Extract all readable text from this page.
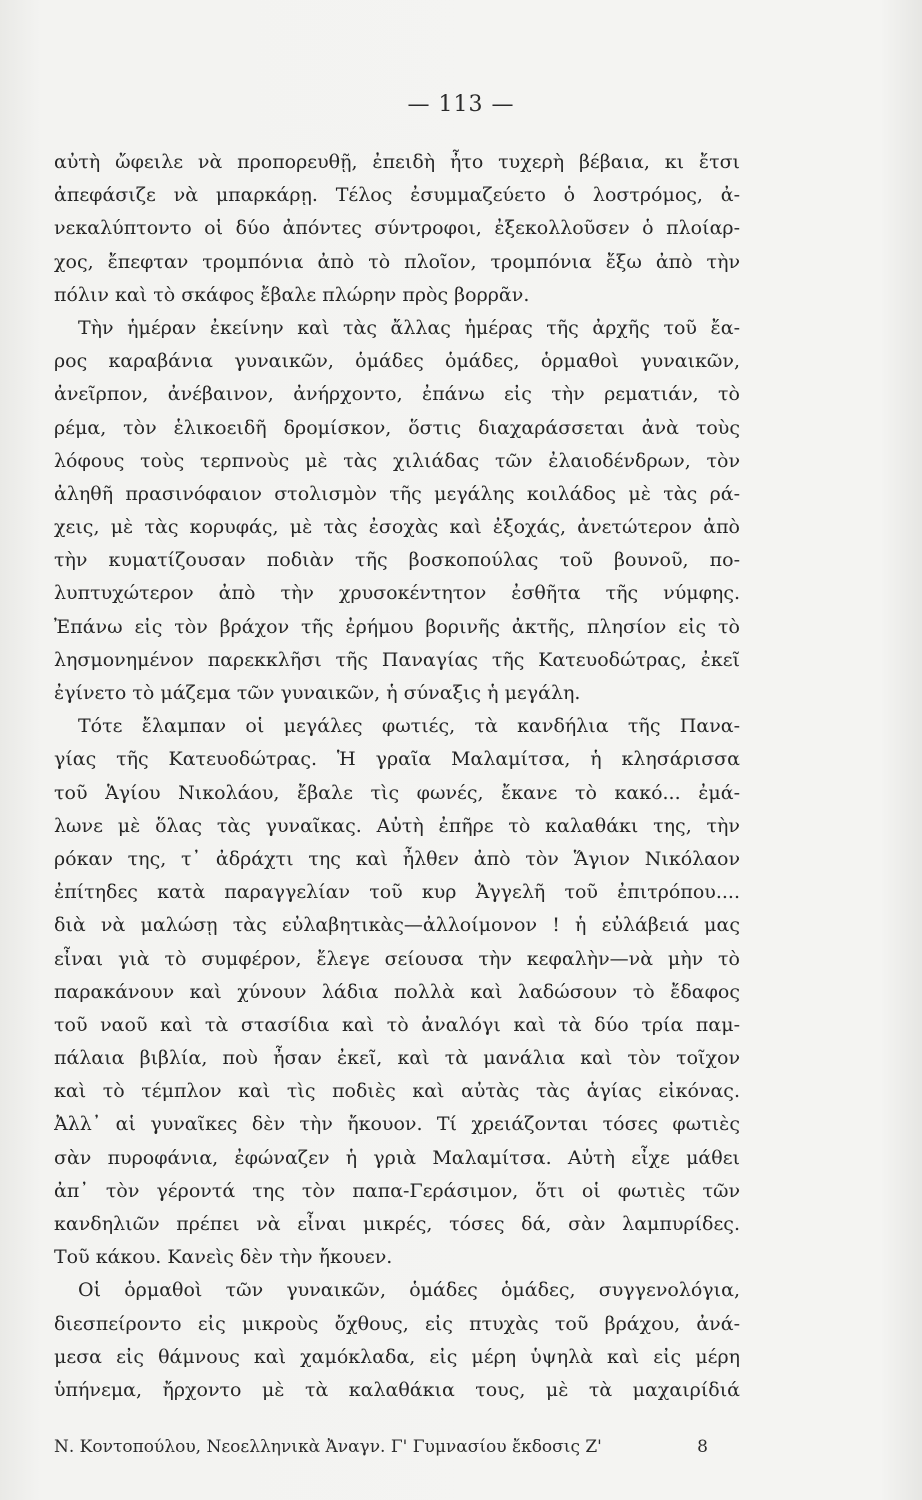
— 113 —
αὐτὴ ὤφειλε νὰ προπορευθῇ, ἐπειδὴ ἦτο τυχερὴ βέβαια, κι ἔτσι
ἀπεφάσιζε νὰ μπαρκάρῃ. Τέλος ἐσυμμαζεύετο ὁ λοστρόμος, ἀ-
νεκαλύπτοντο οἱ δύο ἀπόντες σύντροφοι, ἐξεκολλοῦσεν ὁ πλοίαρ-
χος, ἔπεφταν τρομπόνια ἀπὸ τὸ πλοῖον, τρομπόνια ἔξω ἀπὸ τὴν
πόλιν καὶ τὸ σκάφος ἔβαλε πλώρην πρὸς βορρᾶν.
Τὴν ἡμέραν ἐκείνην καὶ τὰς ἄλλας ἡμέρας τῆς ἀρχῆς τοῦ ἔα-
ρος καραβάνια γυναικῶν, ὁμάδες ὁμάδες, ὁρμαθοὶ γυναικῶν,
ἀνεῖρπον, ἀνέβαινον, ἀνήρχοντο, ἐπάνω εἰς τὴν ρεματιάν, τὸ
ρέμα, τὸν ἑλικοειδῆ δρομίσκον, ὅστις διαχαράσσεται ἀνὰ τοὺς
λόφους τοὺς τερπνοὺς μὲ τὰς χιλιάδας τῶν ἐλαιοδένδρων, τὸν
ἀληθῆ πρασινόφαιον στολισμὸν τῆς μεγάλης κοιλάδος μὲ τὰς ρά-
χεις, μὲ τὰς κορυφάς, μὲ τὰς ἐσοχὰς καὶ ἐξοχάς, ἀνετώτερον ἀπὸ
τὴν κυματίζουσαν ποδιὰν τῆς βοσκοπούλας τοῦ βουνοῦ, πο-
λυπτυχώτερον ἀπὸ τὴν χρυσοκέντητον ἐσθῆτα τῆς νύμφης.
Ἐπάνω εἰς τὸν βράχον τῆς ἐρήμου βορινῆς ἀκτῆς, πλησίον εἰς τὸ
λησμονημένον παρεκκλῆσι τῆς Παναγίας τῆς Κατευοδώτρας, ἐκεῖ
ἐγίνετο τὸ μάζεμα τῶν γυναικῶν, ἡ σύναξις ἡ μεγάλη.
Τότε ἔλαμπαν οἱ μεγάλες φωτιές, τὰ κανδήλια τῆς Πανα-
γίας τῆς Κατευοδώτρας. Ἡ γραῖα Μαλαμίτσα, ἡ κλησάρισσα
τοῦ Ἁγίου Νικολάου, ἔβαλε τὶς φωνές, ἔκανε τὸ κακό... ἐμά-
λωνε μὲ ὅλας τὰς γυναῖκας. Αὐτὴ ἐπῆρε τὸ καλαθάκι της, τὴν
ρόκαν της, τ᾿ ἀδράχτι της καὶ ἦλθεν ἀπὸ τὸν Ἅγιον Νικόλαον
ἐπίτηδες κατὰ παραγγελίαν τοῦ κυρ Ἀγγελῆ τοῦ ἐπιτρόπου....
διὰ νὰ μαλώσῃ τὰς εὐλαβητικὰς—ἀλλοίμονον ! ἡ εὐλάβειά μας
εἶναι γιὰ τὸ συμφέρον, ἔλεγε σείουσα τὴν κεφαλὴν—νὰ μὴν τὸ
παρακάνουν καὶ χύνουν λάδια πολλὰ καὶ λαδώσουν τὸ ἔδαφος
τοῦ ναοῦ καὶ τὰ στασίδια καὶ τὸ ἀναλόγι καὶ τὰ δύο τρία παμ-
πάλαια βιβλία, ποὺ ἦσαν ἐκεῖ, καὶ τὰ μανάλια καὶ τὸν τοῖχον
καὶ τὸ τέμπλον καὶ τὶς ποδιὲς καὶ αὐτὰς τὰς ἁγίας εἰκόνας.
Ἀλλ᾿ αἱ γυναῖκες δὲν τὴν ἤκουον. Τί χρειάζονται τόσες φωτιὲς
σὰν πυροφάνια, ἐφώναζεν ἡ γριὰ Μαλαμίτσα. Αὐτὴ εἶχε μάθει
ἀπ᾿ τὸν γέροντά της τὸν παπα-Γεράσιμον, ὅτι οἱ φωτιὲς τῶν
κανδηλιῶν πρέπει νὰ εἶναι μικρές, τόσες δά, σὰν λαμπυρίδες.
Τοῦ κάκου. Κανεὶς δὲν τὴν ἤκουεν.
Οἱ ὁρμαθοὶ τῶν γυναικῶν, ὁμάδες ὁμάδες, συγγενολόγια,
διεσπείροντο εἰς μικροὺς ὄχθους, εἰς πτυχὰς τοῦ βράχου, ἀνά-
μεσα εἰς θάμνους καὶ χαμόκλαδα, εἰς μέρη ὑψηλὰ καὶ εἰς μέρη
ὑπήνεμα, ἤρχοντο μὲ τὰ καλαθάκια τους, μὲ τὰ μαχαιρίδιά
Ν. Κοντοπούλου, Νεοελληνικὰ Ἀναγν. Γ' Γυμνασίου ἔκδοσις Ζ'	8
